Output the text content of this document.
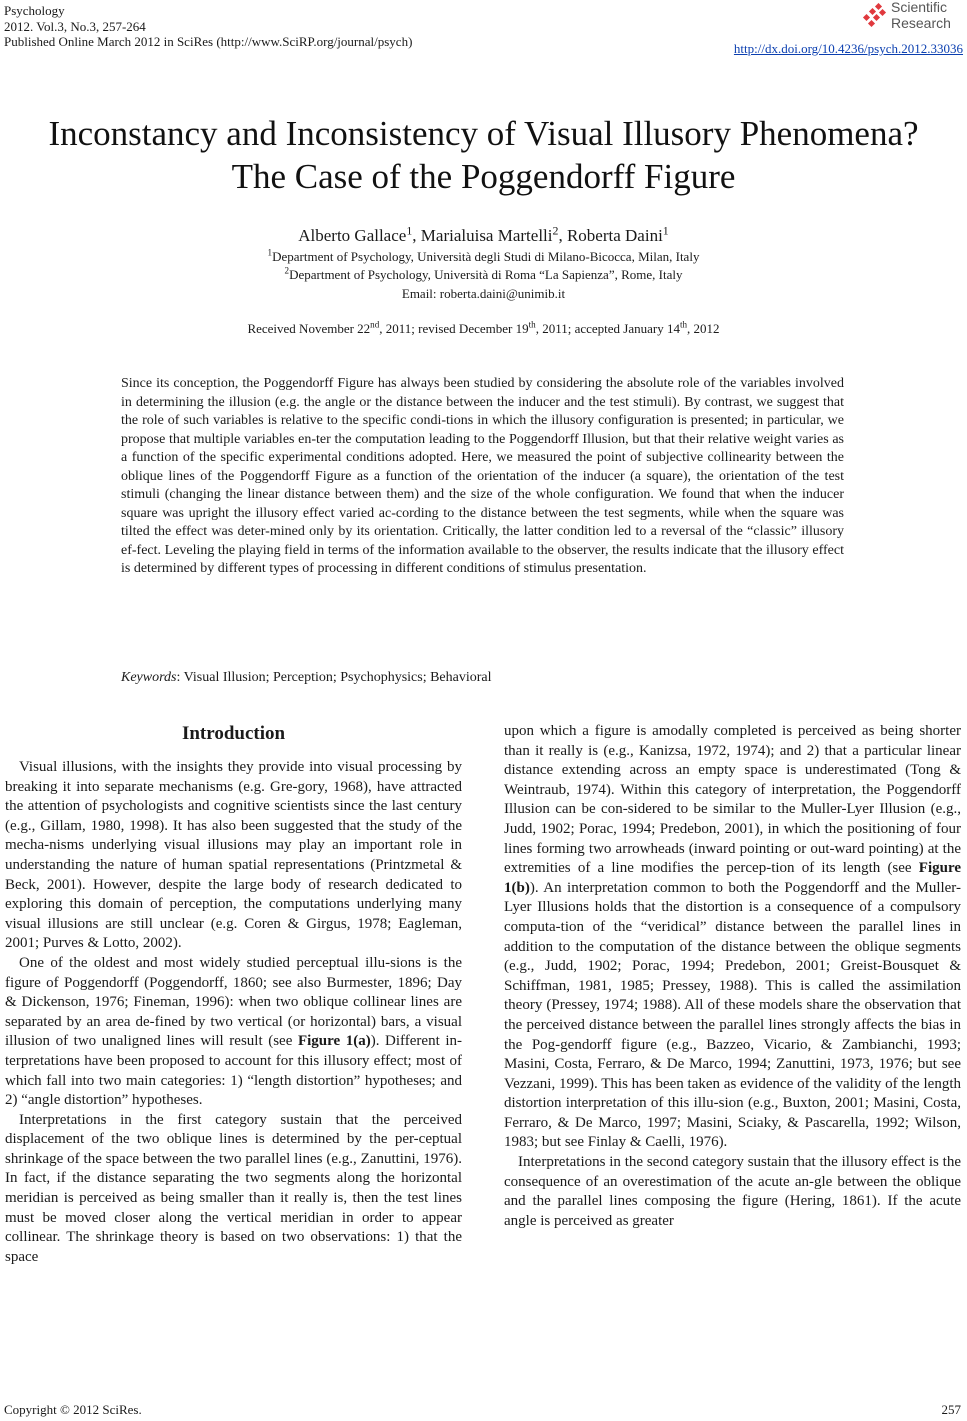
Psychology
2012. Vol.3, No.3, 257-264
Published Online March 2012 in SciRes (http://www.SciRP.org/journal/psych)
Scientific
Research
http://dx.doi.org/10.4236/psych.2012.33036
Inconstancy and Inconsistency of Visual Illusory Phenomena?
The Case of the Poggendorff Figure
Alberto Gallace$^1$, Marialuisa Martelli$^2$, Roberta Daini$^1$
$^1$Department of Psychology, Università degli Studi di Milano-Bicocca, Milan, Italy
$^2$Department of Psychology, Università di Roma “La Sapienza”, Rome, Italy
Email: roberta.daini@unimib.it
Received November 22nd, 2011; revised December 19th, 2011; accepted January 14th, 2012
Since its conception, the Poggendorff Figure has always been studied by considering the absolute role of the variables involved in determining the illusion (e.g. the angle or the distance between the inducer and the test stimuli). By contrast, we suggest that the role of such variables is relative to the specific condi-tions in which the illusory configuration is presented; in particular, we propose that multiple variables en-ter the computation leading to the Poggendorff Illusion, but that their relative weight varies as a function of the specific experimental conditions adopted. Here, we measured the point of subjective collinearity between the oblique lines of the Poggendorff Figure as a function of the orientation of the inducer (a square), the orientation of the test stimuli (changing the linear distance between them) and the size of the whole configuration. We found that when the inducer square was upright the illusory effect varied ac-cording to the distance between the test segments, while when the square was tilted the effect was deter-mined only by its orientation. Critically, the latter condition led to a reversal of the “classic” illusory ef-fect. Leveling the playing field in terms of the information available to the observer, the results indicate that the illusory effect is determined by different types of processing in different conditions of stimulus presentation.
Keywords: Visual Illusion; Perception; Psychophysics; Behavioral
Introduction

Visual illusions, with the insights they provide into visual processing by breaking it into separate mechanisms (e.g. Gre-gory, 1968), have attracted the attention of psychologists and cognitive scientists since the last century (e.g., Gillam, 1980, 1998). It has also been suggested that the study of the mecha-nisms underlying visual illusions may play an important role in understanding the nature of human spatial representations (Printzmetal & Beck, 2001). However, despite the large body of research dedicated to exploring this domain of perception, the computations underlying many visual illusions are still unclear (e.g. Coren & Girgus, 1978; Eagleman, 2001; Purves & Lotto, 2002).

One of the oldest and most widely studied perceptual illu-sions is the figure of Poggendorff (Poggendorff, 1860; see also Burmester, 1896; Day & Dickenson, 1976; Fineman, 1996): when two oblique collinear lines are separated by an area de-fined by two vertical (or horizontal) bars, a visual illusion of two unaligned lines will result (see Figure 1(a)). Different in-terpretations have been proposed to account for this illusory effect; most of which fall into two main categories: 1) “length distortion” hypotheses; and 2) “angle distortion” hypotheses.

Interpretations in the first category sustain that the perceived displacement of the two oblique lines is determined by the per-ceptual shrinkage of the space between the two parallel lines (e.g., Zanuttini, 1976). In fact, if the distance separating the two segments along the horizontal meridian is perceived as being smaller than it really is, then the test lines must be moved closer along the vertical meridian in order to appear collinear. The shrinkage theory is based on two observations: 1) that the space

upon which a figure is amodally completed is perceived as being shorter than it really is (e.g., Kanizsa, 1972, 1974); and 2) that a particular linear distance extending across an empty space is underestimated (Tong & Weintraub, 1974). Within this category of interpretation, the Poggendorff Illusion can be con-sidered to be similar to the Muller-Lyer Illusion (e.g., Judd, 1902; Porac, 1994; Predebon, 2001), in which the positioning of four lines forming two arrowheads (inward pointing or out-ward pointing) at the extremities of a line modifies the percep-tion of its length (see Figure 1(b)). An interpretation common to both the Poggendorff and the Muller-Lyer Illusions holds that the distortion is a consequence of a compulsory computa-tion of the “veridical” distance between the parallel lines in addition to the computation of the distance between the oblique segments (e.g., Judd, 1902; Porac, 1994; Predebon, 2001; Greist-Bousquet & Schiffman, 1981, 1985; Pressey, 1988). This is called the assimilation theory (Pressey, 1974; 1988). All of these models share the observation that the perceived distance between the parallel lines strongly affects the bias in the Pog-gendorff figure (e.g., Bazzeo, Vicario, & Zambianchi, 1993; Masini, Costa, Ferraro, & De Marco, 1994; Zanuttini, 1973, 1976; but see Vezzani, 1999). This has been taken as evidence of the validity of the length distortion interpretation of this illu-sion (e.g., Buxton, 2001; Masini, Costa, Ferraro, & De Marco, 1997; Masini, Sciaky, & Pascarella, 1992; Wilson, 1983; but see Finlay & Caelli, 1976).

Interpretations in the second category sustain that the illusory effect is the consequence of an overestimation of the acute an-gle between the oblique and the parallel lines composing the figure (Hering, 1861). If the acute angle is perceived as greater

Copyright © 2012 SciRes.	257
